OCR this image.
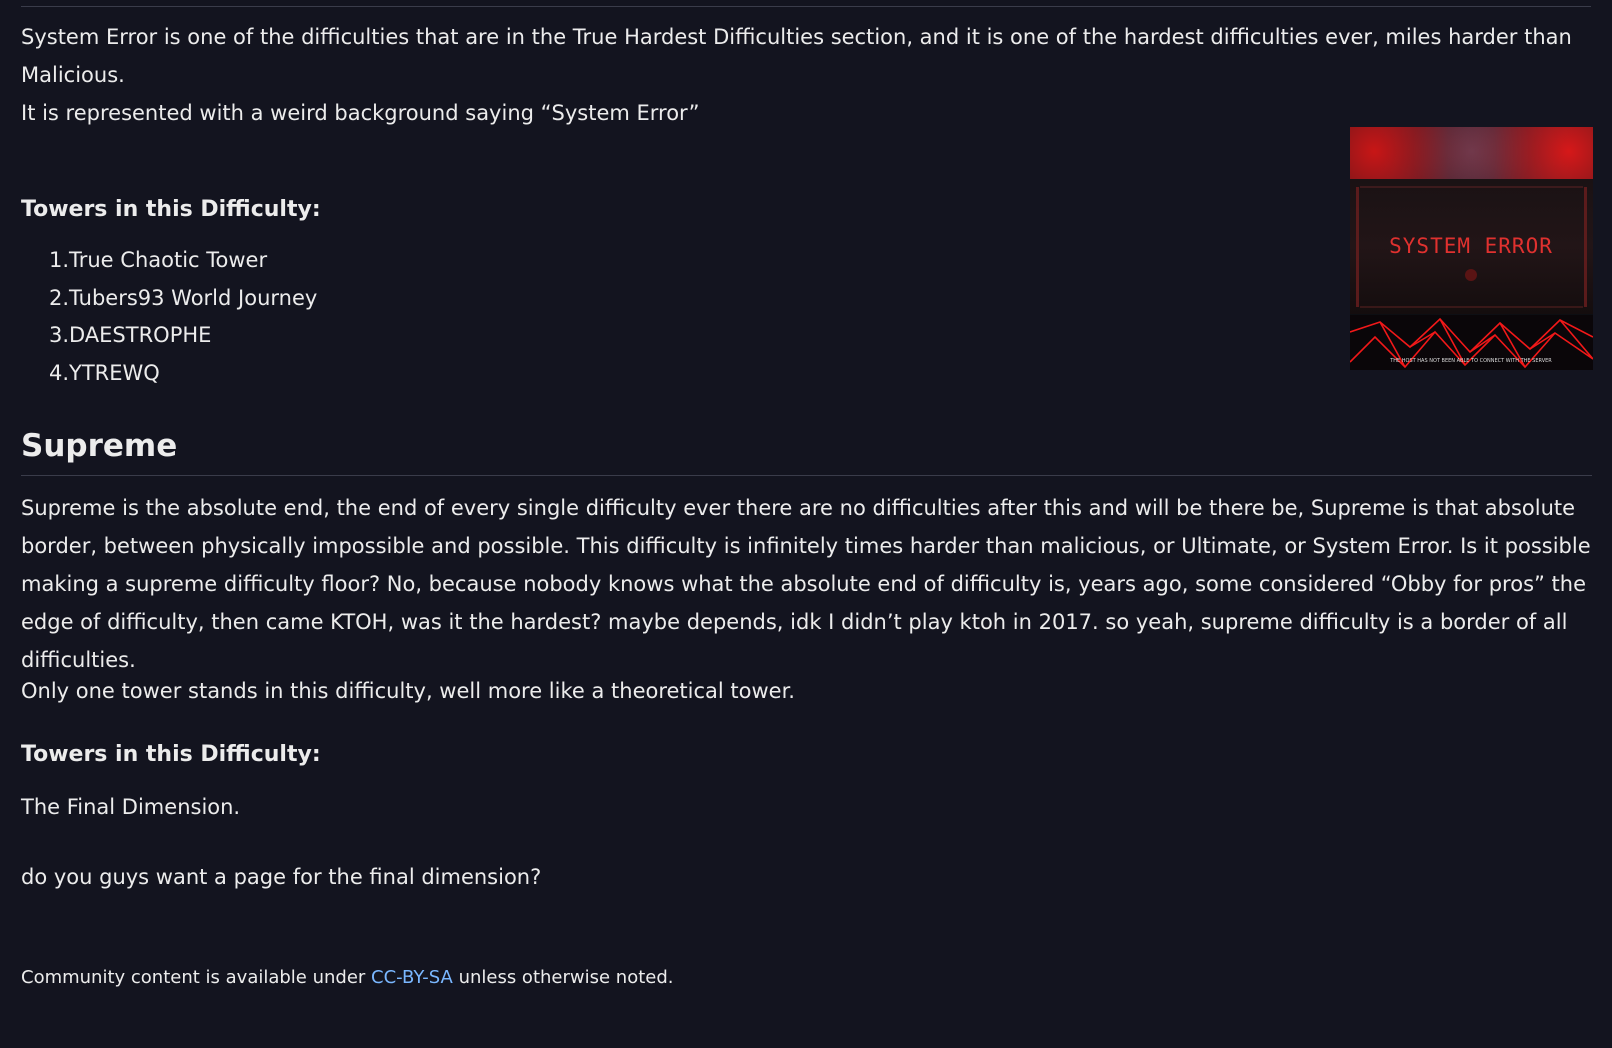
System Error is one of the difficulties that are in the True Hardest Difficulties section, and it is one of the hardest difficulties ever, miles harder than Malicious.

It is represented with a weird background saying “System Error”

Towers in this Difficulty:
1. True Chaotic Tower
2. Tubers93 World Journey
3. DAESTROPHE
4. YTREWQ
SYSTEM ERROR
THE HOST HAS NOT BEEN ABLE TO CONNECT WITH THE SERVER
Supreme

Supreme is the absolute end, the end of every single difficulty ever there are no difficulties after this and will be there be, Supreme is that absolute border, between physically impossible and possible. This difficulty is infinitely times harder than malicious, or Ultimate, or System Error. Is it possible making a supreme difficulty floor? No, because nobody knows what the absolute end of difficulty is, years ago, some considered “Obby for pros” the edge of difficulty, then came KTOH, was it the hardest? maybe depends, idk I didn’t play ktoh in 2017. so yeah, supreme difficulty is a border of all difficulties.

Only one tower stands in this difficulty, well more like a theoretical tower.

Towers in this Difficulty:

The Final Dimension.

do you guys want a page for the final dimension?

Community content is available under CC-BY-SA unless otherwise noted.
